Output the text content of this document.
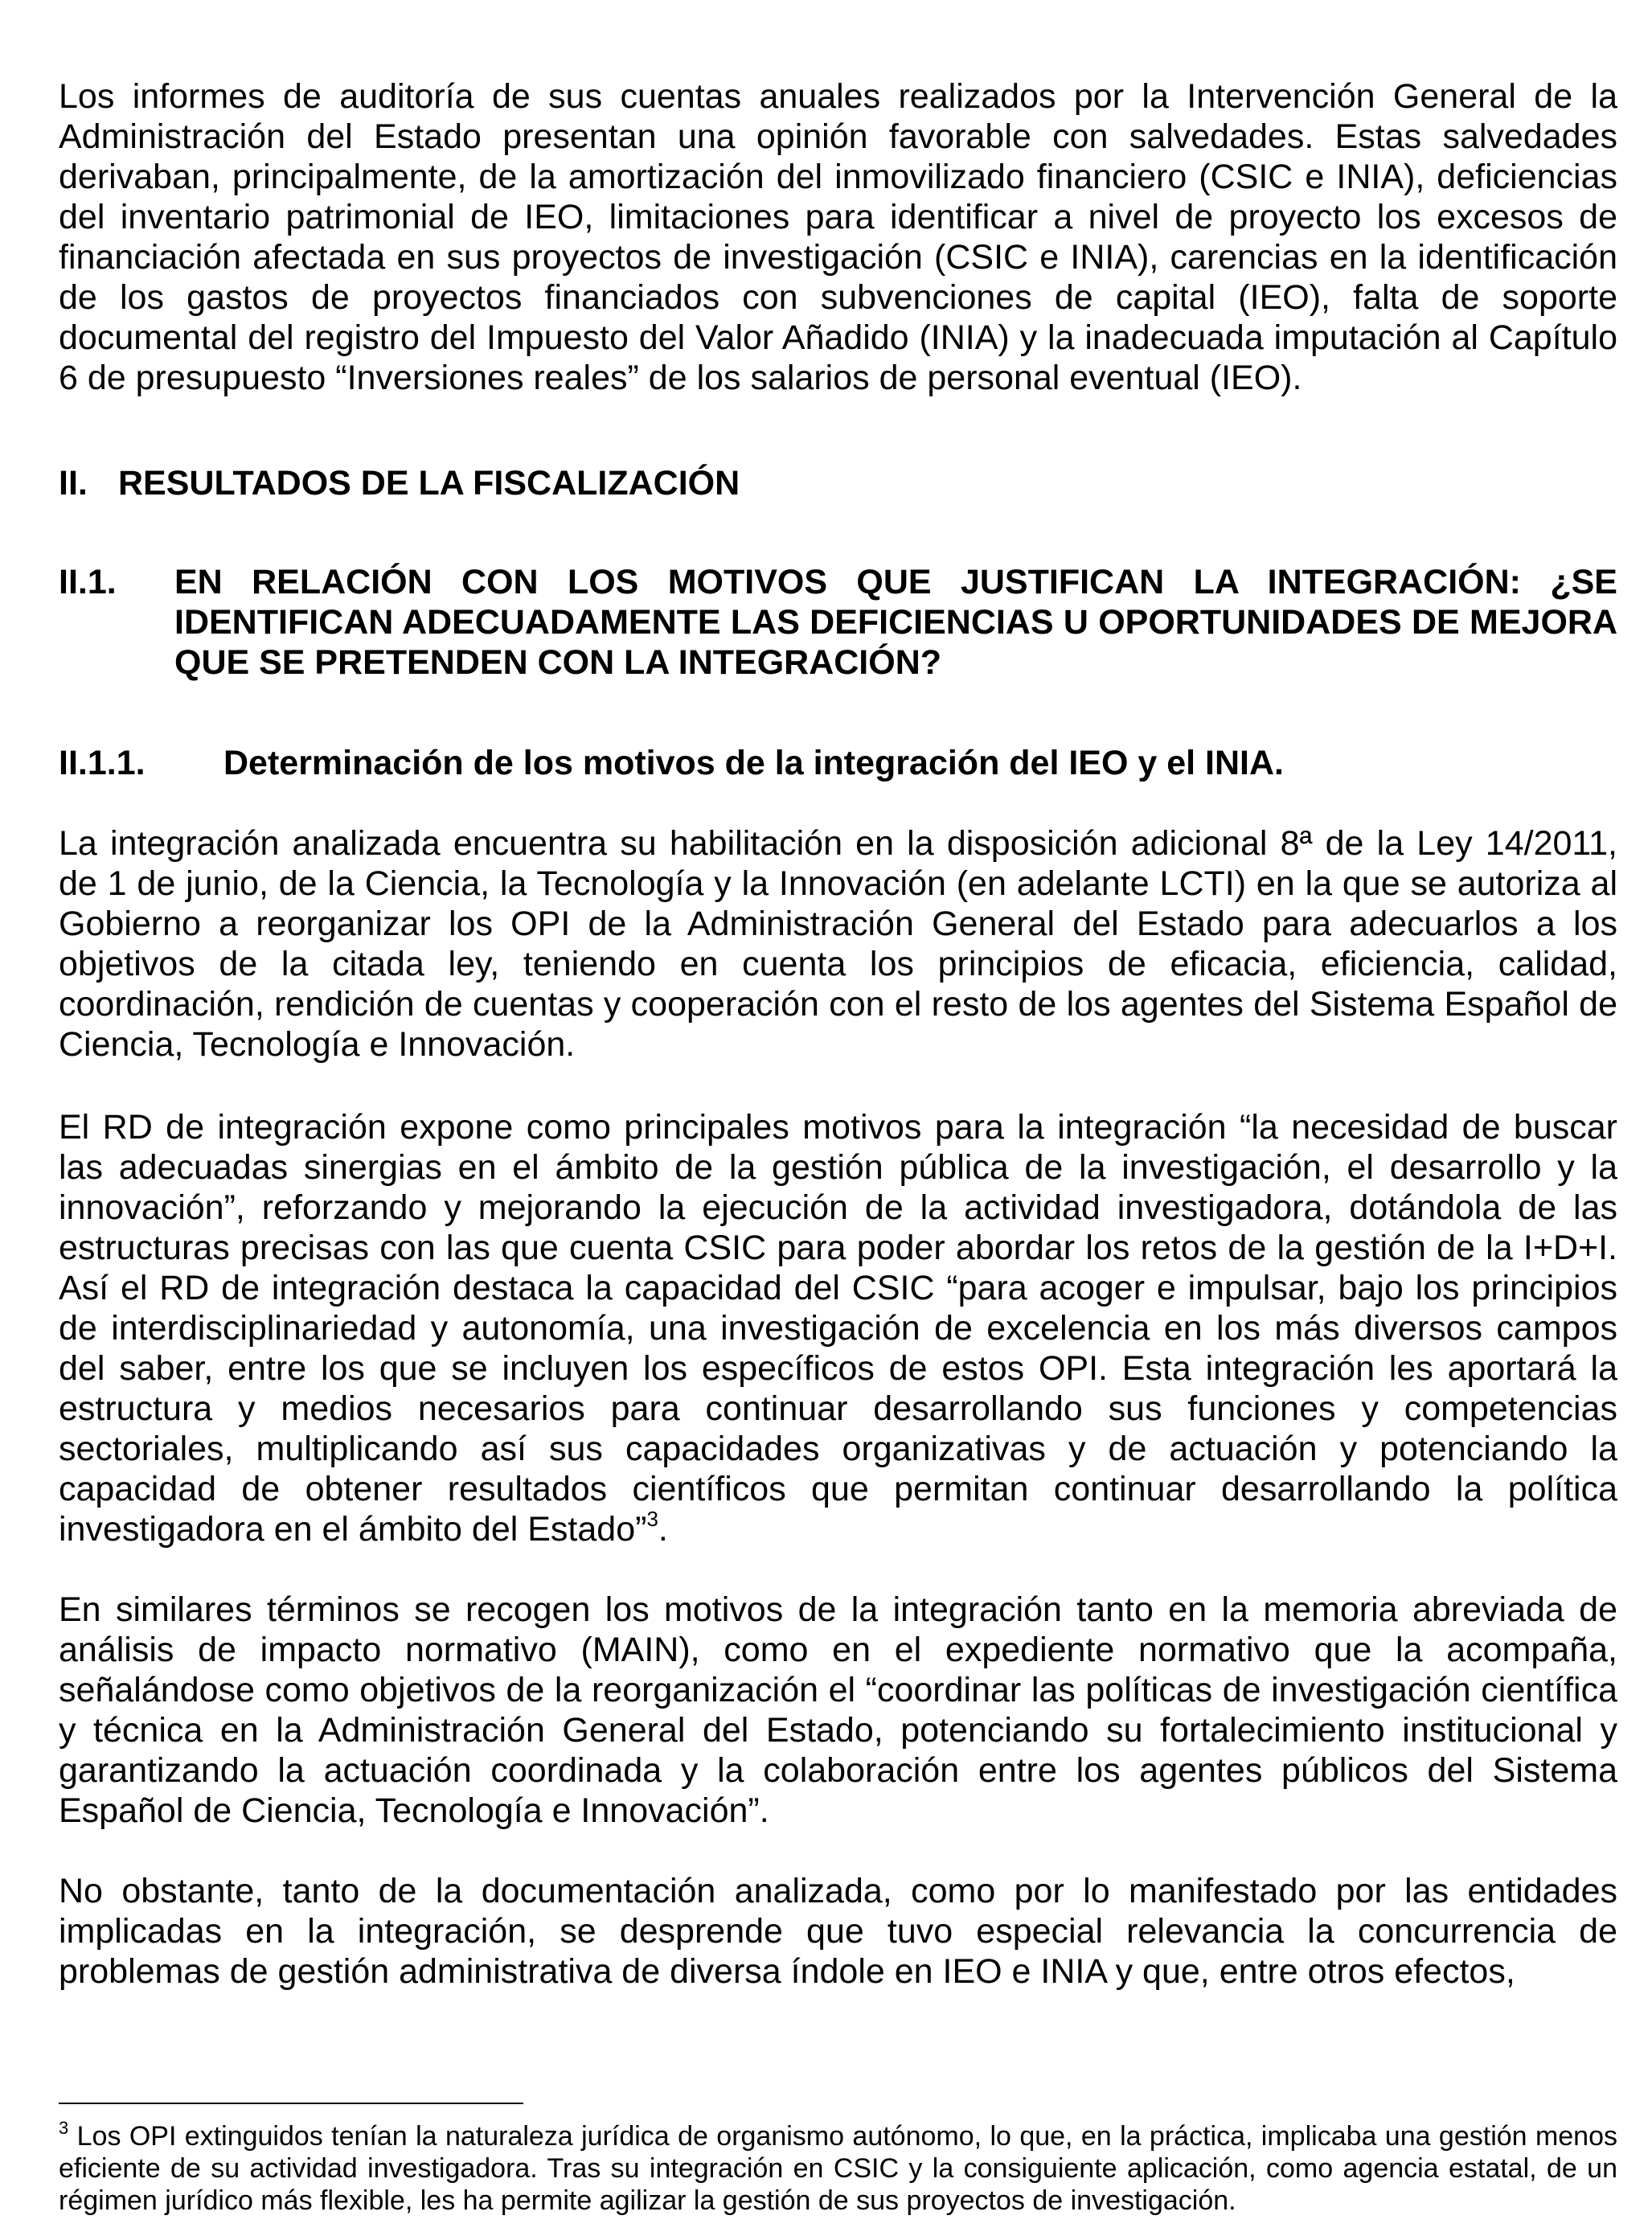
Los informes de auditoría de sus cuentas anuales realizados por la Intervención General de la Administración del Estado presentan una opinión favorable con salvedades. Estas salvedades derivaban, principalmente, de la amortización del inmovilizado financiero (CSIC e INIA), deficiencias del inventario patrimonial de IEO, limitaciones para identificar a nivel de proyecto los excesos de financiación afectada en sus proyectos de investigación (CSIC e INIA), carencias en la identificación de los gastos de proyectos financiados con subvenciones de capital (IEO), falta de soporte documental del registro del Impuesto del Valor Añadido (INIA) y la inadecuada imputación al Capítulo 6 de presupuesto “Inversiones reales” de los salarios de personal eventual (IEO).

II. RESULTADOS DE LA FISCALIZACIÓN
II.1. EN RELACIÓN CON LOS MOTIVOS QUE JUSTIFICAN LA INTEGRACIÓN: ¿SE IDENTIFICAN ADECUADAMENTE LAS DEFICIENCIAS U OPORTUNIDADES DE MEJORA QUE SE PRETENDEN CON LA INTEGRACIÓN?
II.1.1. Determinación de los motivos de la integración del IEO y el INIA.

La integración analizada encuentra su habilitación en la disposición adicional 8ª de la Ley 14/2011, de 1 de junio, de la Ciencia, la Tecnología y la Innovación (en adelante LCTI) en la que se autoriza al Gobierno a reorganizar los OPI de la Administración General del Estado para adecuarlos a los objetivos de la citada ley, teniendo en cuenta los principios de eficacia, eficiencia, calidad, coordinación, rendición de cuentas y cooperación con el resto de los agentes del Sistema Español de Ciencia, Tecnología e Innovación.

El RD de integración expone como principales motivos para la integración “la necesidad de buscar las adecuadas sinergias en el ámbito de la gestión pública de la investigación, el desarrollo y la innovación”, reforzando y mejorando la ejecución de la actividad investigadora, dotándola de las estructuras precisas con las que cuenta CSIC para poder abordar los retos de la gestión de la I+D+I. Así el RD de integración destaca la capacidad del CSIC “para acoger e impulsar, bajo los principios de interdisciplinariedad y autonomía, una investigación de excelencia en los más diversos campos del saber, entre los que se incluyen los específicos de estos OPI. Esta integración les aportará la estructura y medios necesarios para continuar desarrollando sus funciones y competencias sectoriales, multiplicando así sus capacidades organizativas y de actuación y potenciando la capacidad de obtener resultados científicos que permitan continuar desarrollando la política investigadora en el ámbito del Estado”$^3$.

En similares términos se recogen los motivos de la integración tanto en la memoria abreviada de análisis de impacto normativo (MAIN), como en el expediente normativo que la acompaña, señalándose como objetivos de la reorganización el “coordinar las políticas de investigación científica y técnica en la Administración General del Estado, potenciando su fortalecimiento institucional y garantizando la actuación coordinada y la colaboración entre los agentes públicos del Sistema Español de Ciencia, Tecnología e Innovación”.

No obstante, tanto de la documentación analizada, como por lo manifestado por las entidades implicadas en la integración, se desprende que tuvo especial relevancia la concurrencia de problemas de gestión administrativa de diversa índole en IEO e INIA y que, entre otros efectos,

$^3$ Los OPI extinguidos tenían la naturaleza jurídica de organismo autónomo, lo que, en la práctica, implicaba una gestión menos eficiente de su actividad investigadora. Tras su integración en CSIC y la consiguiente aplicación, como agencia estatal, de un régimen jurídico más flexible, les ha permite agilizar la gestión de sus proyectos de investigación.
